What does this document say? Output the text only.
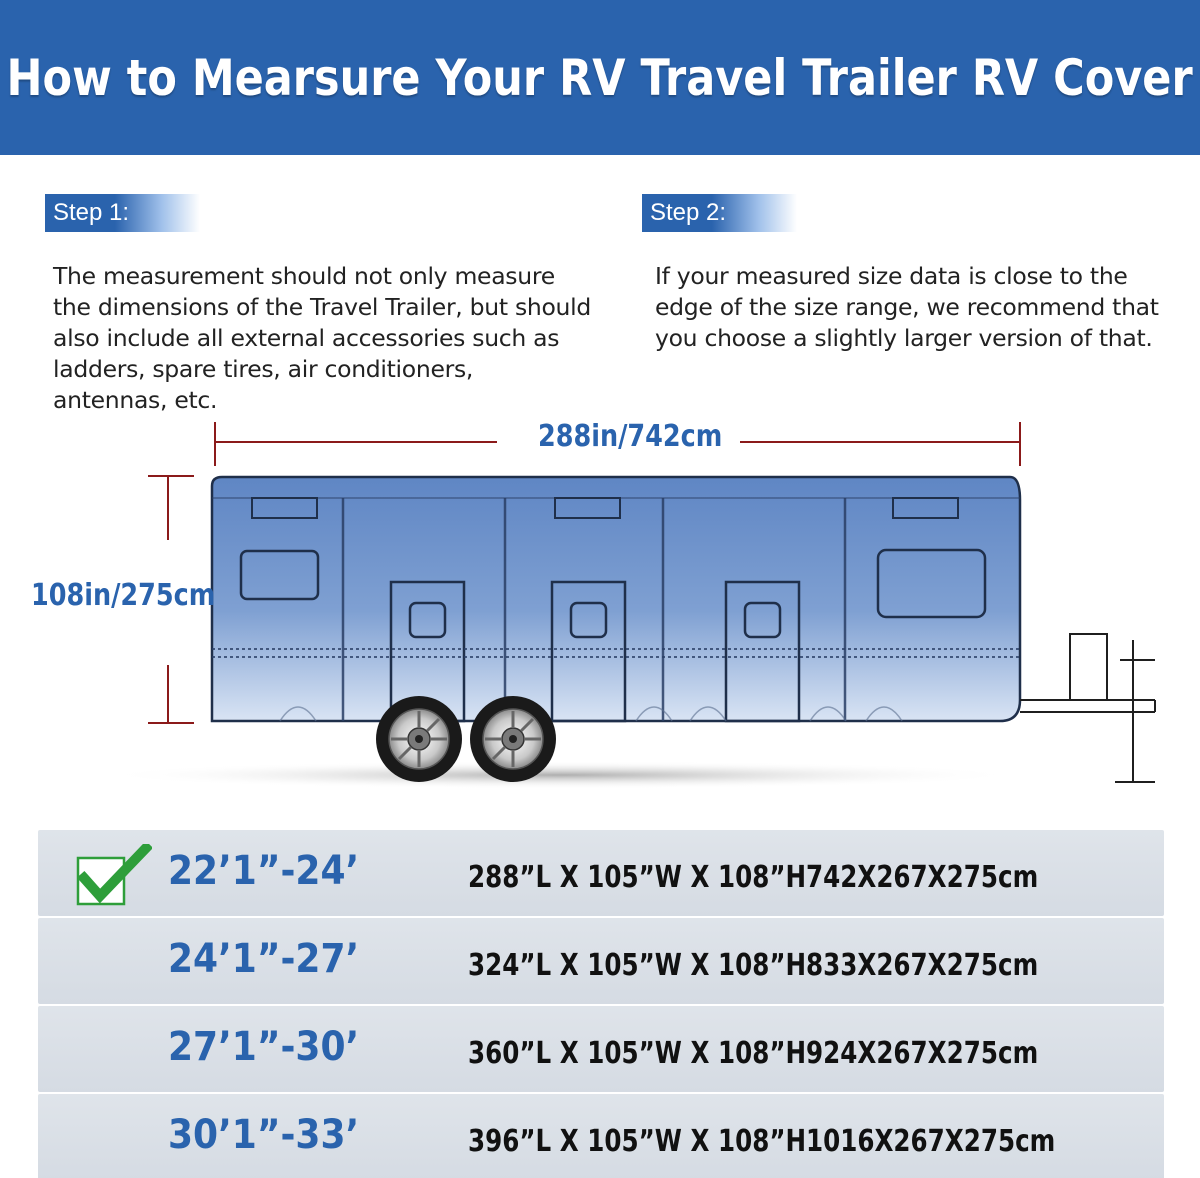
How to Mearsure Your RV Travel Trailer RV Cover
Step 1:
The measurement should not only measure the dimensions of the Travel Trailer, but should also include all external accessories such as ladders, spare tires, air conditioners, antennas, etc.
Step 2:
If your measured size data is close to the edge of the size range, we recommend that you choose a slightly larger version of that.
288in/742cm
108in/275cm
22’1”-24’	288”L X 105”W X 108”H 742X267X275cm
24’1”-27’	324”L X 105”W X 108”H 833X267X275cm
27’1”-30’	360”L X 105”W X 108”H 924X267X275cm
30’1”-33’	396”L X 105”W X 108”H 1016X267X275cm
